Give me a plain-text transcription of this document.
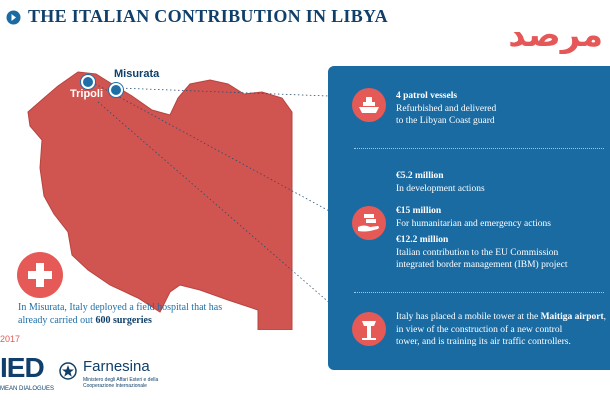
THE ITALIAN CONTRIBUTION IN LIBYA	مرصد
Misurata
Tripoli
In Misurata, Italy deployed a field hospital that has already carried out 600 surgeries
4 patrol vessels
Refurbished and delivered
to the Libyan Coast guard
€5.2 million
In development actions

€15 million
For humanitarian and emergency actions

€12.2 million
Italian contribution to the EU Commission
integrated border management (IBM) project
Italy has placed a mobile tower at the Maitiga airport, in view of the construction of a new control
tower, and is training its air traffic controllers.
2017
IED
MEAN DIALOGUES
Farnesina
Ministero degli Affari Esteri e della Cooperazione Internazionale
